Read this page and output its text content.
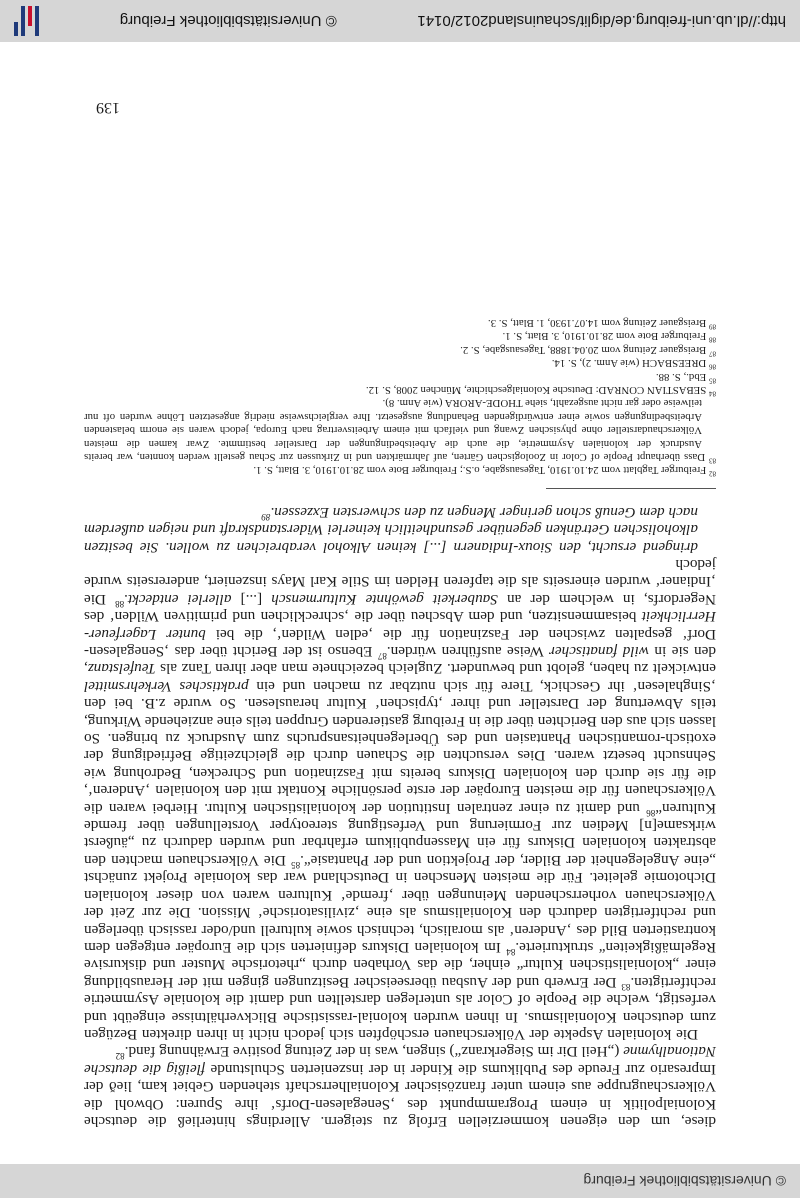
© Universitätsbibliothek Freiburg

diese, um den eigenen kommerziellen Erfolg zu steigern. Allerdings hinterließ die deutsche Kolonialpolitik in einem Programmpunkt des ‚Senegalesen-Dorfs‘ ihre Spuren: Obwohl die Völkerschaugruppe aus einem unter französischer Kolonialherrschaft stehenden Gebiet kam, lieð der Impresario zur Freude des Publikums die Kinder in der inszenierten Schulstunde fleißig die deutsche Nationalhymne („Heil Dir im Siegerkranz“) singen, was in der Zeitung positive Erwähnung fand.$^{82}$

Die kolonialen Aspekte der Völkerschauen erschöpften sich jedoch nicht in ihren direkten Bezügen zum deutschen Kolonialismus. In ihnen wurden kolonial-rassistische Blickverhältnisse eingeübt und verfestigt, welche die People of Color als unterlegen darstellten und damit die koloniale Asymmetrie rechtfertigten.$^{83}$ Der Erwerb und der Ausbau überseeischer Besitzungen gingen mit der Herausbildung einer „kolonialistischen Kultur“ einher, die das Vorhaben durch „rhetorische Muster und diskursive Regelmäßigkeiten“ strukturierte.$^{84}$ Im kolonialen Diskurs definierten sich die Europäer entgegen dem kontrastierten Bild des ‚Anderen‘ als moralisch, technisch sowie kulturell und/oder rassisch überlegen und rechtfertigten dadurch den Kolonialismus als eine ‚zivilisatorische‘ Mission. Die zur Zeit der Völkerschauen vorherrschenden Meinungen über ‚fremde‘ Kulturen waren von dieser kolonialen Dichotomie geleitet. Für die meisten Menschen in Deutschland war das koloniale Projekt zunächst „eine Angelegenheit der Bilder, der Projektion und der Phantasie“.$^{85}$ Die Völkerschauen machten den abstrakten kolonialen Diskurs für ein Massenpublikum erfahrbar und wurden dadurch zu „äußerst wirksame[n] Medien zur Formierung und Verfestigung stereotyper Vorstellungen über fremde Kulturen“$^{86}$ und damit zu einer zentralen Institution der kolonialistischen Kultur. Hierbei waren die Völkerschauen für die meisten Europäer der erste persönliche Kontakt mit den kolonialen ‚Anderen‘, die für sie durch den kolonialen Diskurs bereits mit Faszination und Schrecken, Bedrohung wie Sehnsucht besetzt waren. Dies versuchten die Schauen durch die gleichzeitige Befriedigung der exotisch-romantischen Phantasien und des Überlegenheitsanspruchs zum Ausdruck zu bringen. So lassen sich aus den Berichten über die in Freiburg gastierenden Gruppen teils eine anziehende Wirkung, teils Abwertung der Darsteller und ihrer ‚typischen‘ Kultur herauslesen. So wurde z.B. bei den ‚Singhalesen‘ ihr Geschick, Tiere für sich nutzbar zu machen und ein praktisches Verkehrsmittel entwickelt zu haben, gelobt und bewundert. Zugleich bezeichnete man aber ihren Tanz als Teufelstanz, den sie in wild fanatischer Weise ausführen würden.$^{87}$ Ebenso ist der Bericht über das ‚Senegalesen-Dorf‘ gespalten zwischen der Faszination für die ‚edlen Wilden‘, die bei bunter Lagerfeuer-Herrlichkeit beisammensitzen, und dem Abscheu über die ‚schrecklichen und primitiven Wilden‘ des Negerdorfs, in welchem der an Sauberkeit gewöhnte Kulturmensch [...] allerlei entdeckt.$^{88}$ Die ‚Indianer‘ wurden einerseits als die tapferen Helden im Stile Karl Mays inszeniert, andererseits wurde jedoch

dringend ersucht, den Sioux-Indianern [...] keinen Alkohol verabreichen zu wollen. Sie besitzen alkoholischen Getränken gegenüber gesundheitlich keinerlei Widerstandskraft und neigen außerdem nach dem Genuß schon geringer Mengen zu den schwersten Exzessen.$^{89}$
$^{82}$ Freiburger Tagblatt vom 24.10.1910, Tagesausgabe, o.S.; Freiburger Bote vom 28.10.1910, 3. Blatt, S. 1.
$^{83}$ Dass überhaupt People of Color in Zoologischen Gärten, auf Jahrmärkten und in Zirkussen zur Schau gestellt werden konnten, war bereits Ausdruck der kolonialen Asymmetrie, die auch die Arbeitsbedingungen der Darsteller bestimmte. Zwar kamen die meisten Völkerschaudarsteller ohne physischen Zwang und vielfach mit einem Arbeitsvertrag nach Europa, jedoch waren sie enorm belastenden Arbeitsbedingungen sowie einer entwürdigenden Behandlung ausgesetzt. Ihre vergleichsweise niedrig angesetzten Löhne wurden oft nur teilweise oder gar nicht ausgezahlt, siehe THODE-ARORA (wie Anm. 8).
$^{84}$ SEBASTIAN CONRAD: Deutsche Kolonialgeschichte, München 2008, S. 12.
$^{85}$ Ebd., S. 88.
$^{86}$ DREESBACH (wie Anm. 2), S. 14.
$^{87}$ Breisgauer Zeitung vom 20.04.1888, Tagesausgabe, S. 2.
$^{88}$ Freiburger Bote vom 28.10.1910, 3. Blatt, S. 1.
$^{89}$ Breisgauer Zeitung vom 14.07.1930, 1. Blatt, S. 3.
139
http://dl.ub.uni-freiburg.de/diglit/schauinsland2012/0141
© Universitätsbibliothek Freiburg
